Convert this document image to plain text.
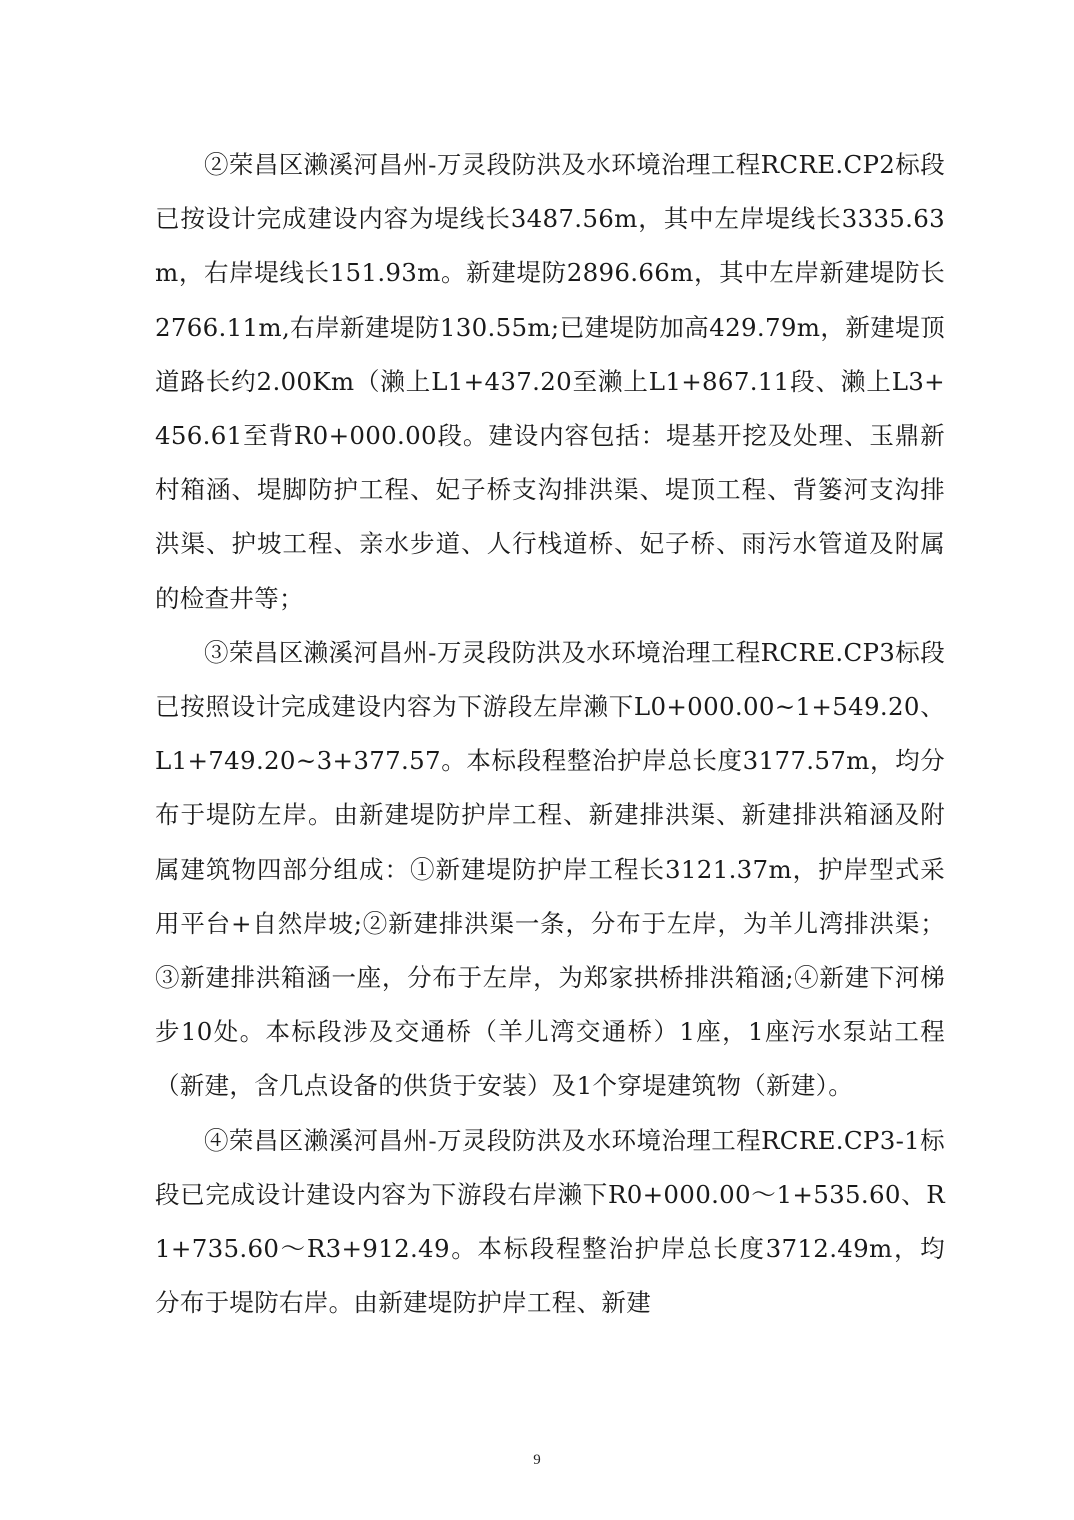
②荣昌区濑溪河昌州-万灵段防洪及水环境治理工程RCRE.CP2标段已按设计完成建设内容为堤线长3487.56m，其中左岸堤线长3335.63m，右岸堤线长151.93m。新建堤防2896.66m，其中左岸新建堤防长2766.11m,右岸新建堤防130.55m;已建堤防加高429.79m，新建堤顶道路长约2.00Km（濑上L1+437.20至濑上L1+867.11段、濑上L3+456.61至背R0+000.00段。建设内容包括：堤基开挖及处理、玉鼎新村箱涵、堤脚防护工程、妃子桥支沟排洪渠、堤顶工程、背篓河支沟排洪渠、护坡工程、亲水步道、人行栈道桥、妃子桥、雨污水管道及附属的检查井等；

③荣昌区濑溪河昌州-万灵段防洪及水环境治理工程RCRE.CP3标段已按照设计完成建设内容为下游段左岸濑下L0+000.00~1+549.20、L1+749.20~3+377.57。本标段程整治护岸总长度3177.57m，均分布于堤防左岸。由新建堤防护岸工程、新建排洪渠、新建排洪箱涵及附属建筑物四部分组成：①新建堤防护岸工程长3121.37m，护岸型式采用平台+自然岸坡;②新建排洪渠一条，分布于左岸，为羊儿湾排洪渠；③新建排洪箱涵一座，分布于左岸，为郑家拱桥排洪箱涵;④新建下河梯步10处。本标段涉及交通桥（羊儿湾交通桥）1座，1座污水泵站工程（新建，含几点设备的供货于安装）及1个穿堤建筑物（新建）。

④荣昌区濑溪河昌州-万灵段防洪及水环境治理工程RCRE.CP3-1标段已完成设计建设内容为下游段右岸濑下R0+000.00～1+535.60、R1+735.60～R3+912.49。本标段程整治护岸总长度3712.49m，均分布于堤防右岸。由新建堤防护岸工程、新建

9
